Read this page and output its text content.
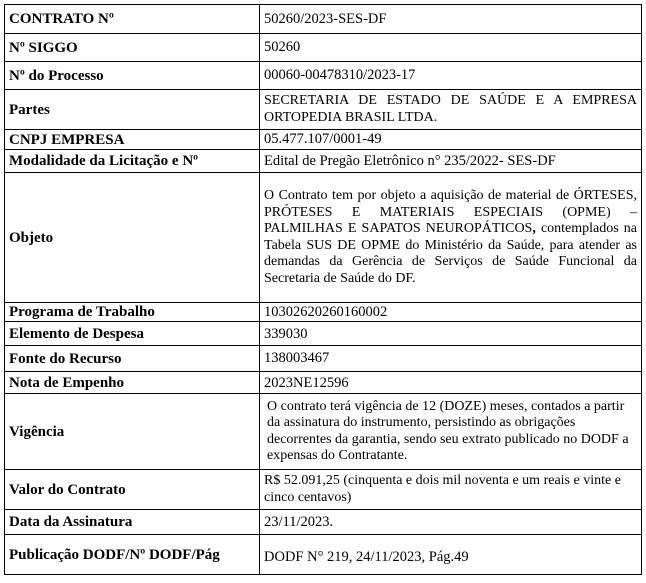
CONTRATO Nº	50260/2023-SES-DF
Nº SIGGO	50260
Nº do Processo	00060-00478310/2023-17
Partes	SECRETARIA DE ESTADO DE SAÚDE E A EMPRESA ORTOPEDIA BRASIL LTDA.
CNPJ EMPRESA	05.477.107/0001-49
Modalidade da Licitação e Nº	Edital de Pregão Eletrônico n° 235/2022- SES-DF
Objeto	O Contrato tem por objeto a aquisição de material de ÓRTESES, PRÓTESES E MATERIAIS ESPECIAIS (OPME) – PALMILHAS E SAPATOS NEUROPÁTICOS, contemplados na Tabela SUS DE OPME do Ministério da Saúde, para atender as demandas da Gerência de Serviços de Saúde Funcional da Secretaria de Saúde do DF.
Programa de Trabalho	10302620260160002
Elemento de Despesa	339030
Fonte do Recurso	138003467
Nota de Empenho	2023NE12596
Vigência	O contrato terá vigência de 12 (DOZE) meses, contados a partir da assinatura do instrumento, persistindo as obrigações decorrentes da garantia, sendo seu extrato publicado no DODF a expensas do Contratante.
Valor do Contrato	R$ 52.091,25 (cinquenta e dois mil noventa e um reais e vinte e cinco centavos)
Data da Assinatura	23/11/2023.
Publicação DODF/Nº DODF/Pág	DODF N° 219, 24/11/2023, Pág.49
